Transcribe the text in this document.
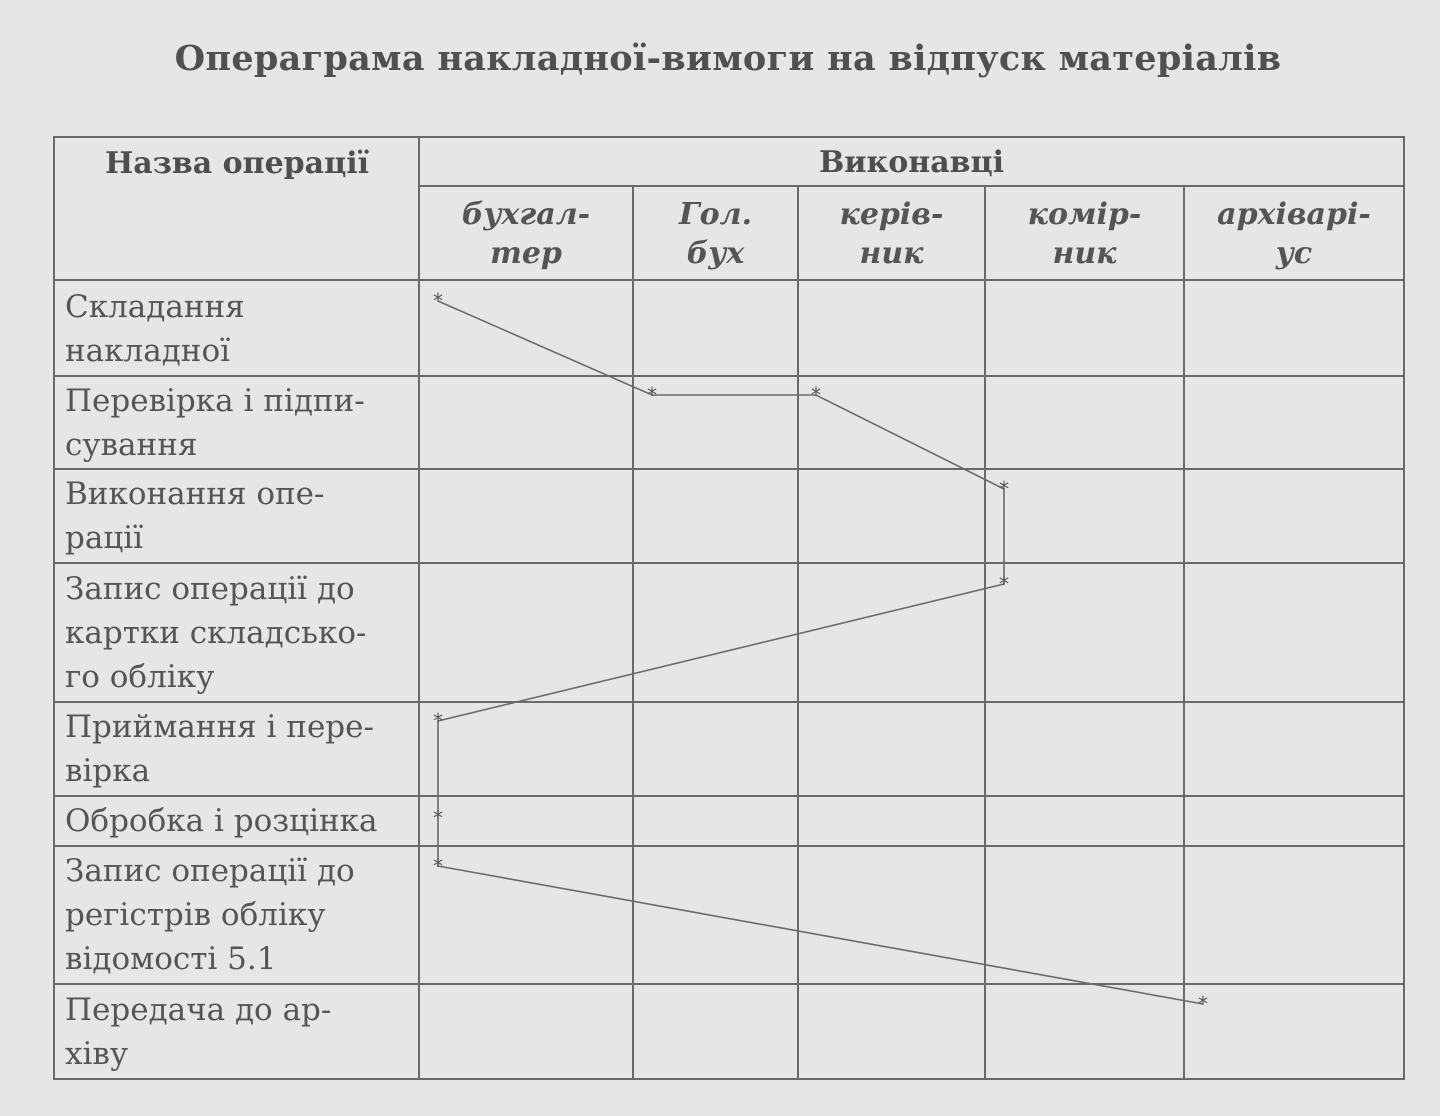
Операграма накладної-вимоги на відпуск матеріалів
Назва операції	Виконавці
бухгал-
тер
Гол.
бух
керів-
ник
комір-
ник
архіварі-
ус
Складання
накладної
Перевірка і підпи-
сування
Виконання опе-
рації
Запис операції до
картки складсько-
го обліку
Приймання і пере-
вірка
Обробка і розцінка
Запис операції до
регістрів обліку
відомості 5.1
Передача до ар-
хіву
*
*	*
*
*
*
*
*
*
